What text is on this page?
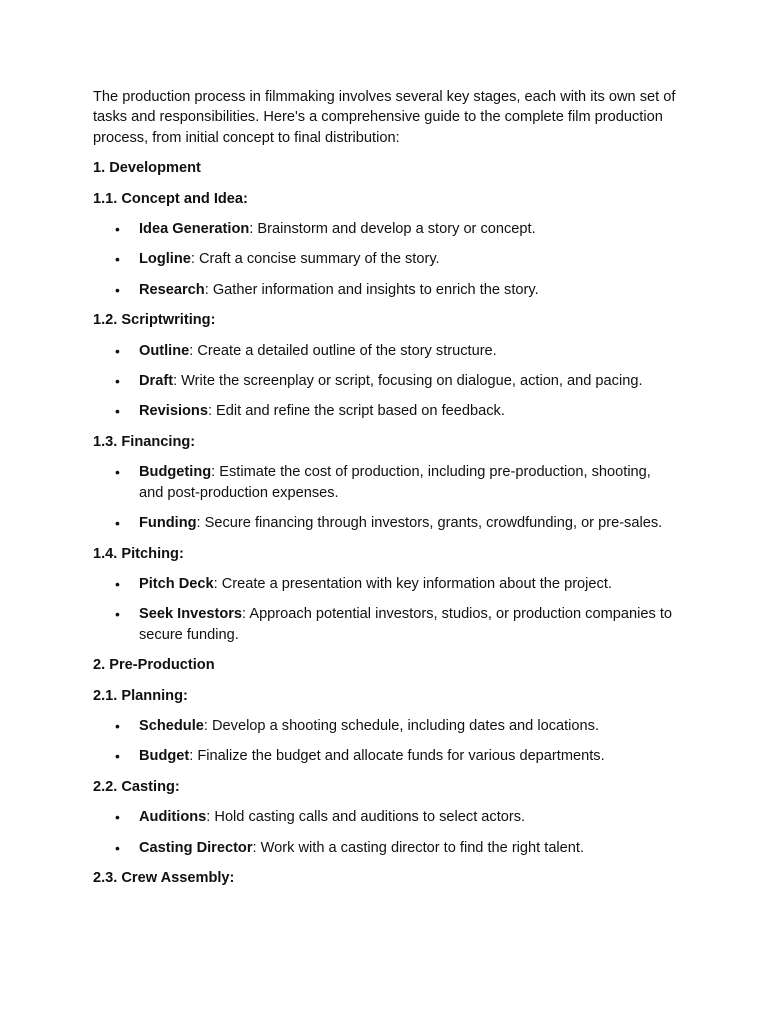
The production process in filmmaking involves several key stages, each with its own set of tasks and responsibilities. Here's a comprehensive guide to the complete film production process, from initial concept to final distribution:

1. Development

1.1. Concept and Idea:

• Idea Generation: Brainstorm and develop a story or concept.
• Logline: Craft a concise summary of the story.
• Research: Gather information and insights to enrich the story.

1.2. Scriptwriting:

• Outline: Create a detailed outline of the story structure.
• Draft: Write the screenplay or script, focusing on dialogue, action, and pacing.
• Revisions: Edit and refine the script based on feedback.

1.3. Financing:

• Budgeting: Estimate the cost of production, including pre-production, shooting, and post-production expenses.
• Funding: Secure financing through investors, grants, crowdfunding, or pre-sales.

1.4. Pitching:

• Pitch Deck: Create a presentation with key information about the project.
• Seek Investors: Approach potential investors, studios, or production companies to secure funding.

2. Pre-Production

2.1. Planning:

• Schedule: Develop a shooting schedule, including dates and locations.
• Budget: Finalize the budget and allocate funds for various departments.

2.2. Casting:

• Auditions: Hold casting calls and auditions to select actors.
• Casting Director: Work with a casting director to find the right talent.

2.3. Crew Assembly:
